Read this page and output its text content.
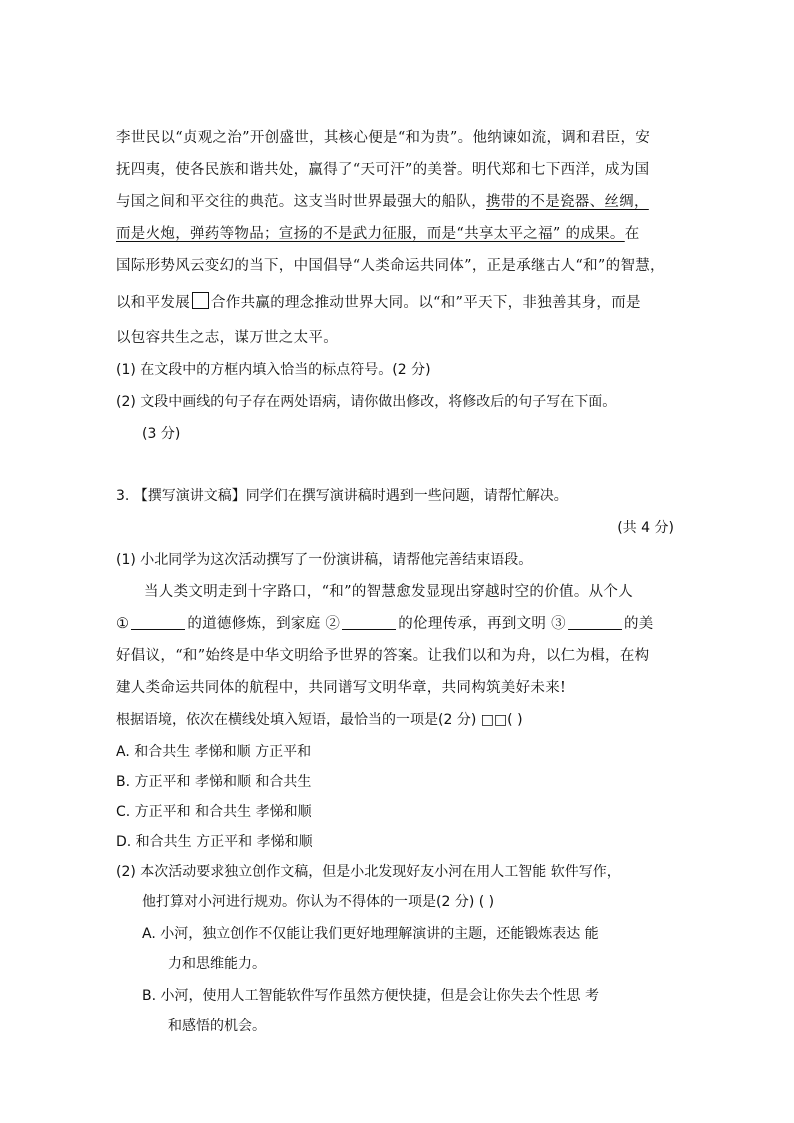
李世民以“贞观之治”开创盛世，其核心便是“和为贵”。他纳谏如流，调和君臣，安
抚四夷，使各民族和谐共处，赢得了“天可汗”的美誉。明代郑和七下西洋，成为国
与国之间和平交往的典范。这支当时世界最强大的船队，携带的不是瓷器、丝绸，
而是火炮，弹药等物品；宣扬的不是武力征服，而是“共享太平之福” 的成果。在
国际形势风云变幻的当下，中国倡导“人类命运共同体”，正是承继古人“和”的智慧，
以和平发展 合作共赢的理念推动世界大同。以“和”平天下，非独善其身，而是
以包容共生之志，谋万世之太平。
(1) 在文段中的方框内填入恰当的标点符号。(2 分)
(2) 文段中画线的句子存在两处语病，请你做出修改，将修改后的句子写在下面。
(3 分)
3. 【撰写演讲文稿】同学们在撰写演讲稿时遇到一些问题，请帮忙解决。
(共 4 分)
(1) 小北同学为这次活动撰写了一份演讲稿，请帮他完善结束语段。
当人类文明走到十字路口，“和”的智慧愈发显现出穿越时空的价值。从个人
①	的道德修炼，到家庭 ②	的伦理传承，再到文明 ③	的美
好倡议，“和”始终是中华文明给予世界的答案。让我们以和为舟，以仁为楫，在构
建人类命运共同体的航程中，共同谱写文明华章，共同构筑美好未来!
根据语境，依次在横线处填入短语，最恰当的一项是(2 分) □□( )
A. 和合共生 孝悌和顺 方正平和
B. 方正平和 孝悌和顺 和合共生
C. 方正平和 和合共生 孝悌和顺
D. 和合共生 方正平和 孝悌和顺
(2) 本次活动要求独立创作文稿，但是小北发现好友小河在用人工智能 软件写作，
他打算对小河进行规劝。你认为不得体的一项是(2 分) ( )
A. 小河，独立创作不仅能让我们更好地理解演讲的主题，还能锻炼表达 能
力和思维能力。
B. 小河，使用人工智能软件写作虽然方便快捷，但是会让你失去个性思 考
和感悟的机会。
